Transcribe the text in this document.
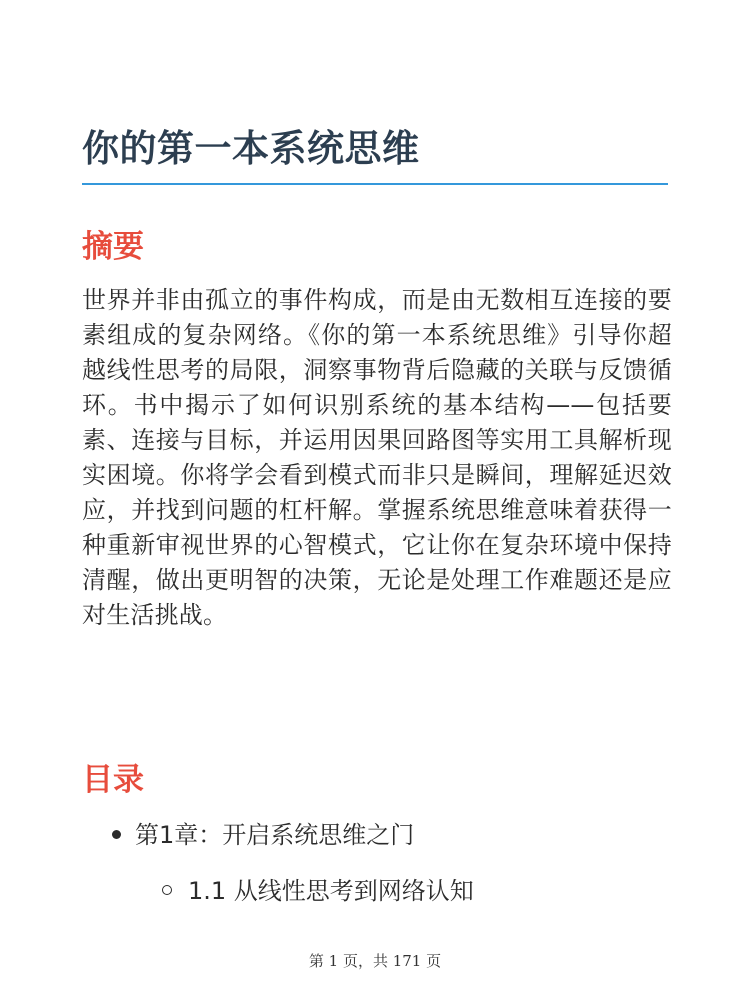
你的第一本系统思维
摘要

世界并非由孤立的事件构成，而是由无数相互连接的要素组成的复杂网络。《你的第一本系统思维》引导你超越线性思考的局限，洞察事物背后隐藏的关联与反馈循环。书中揭示了如何识别系统的基本结构——包括要素、连接与目标，并运用因果回路图等实用工具解析现实困境。你将学会看到模式而非只是瞬间，理解延迟效应，并找到问题的杠杆解。掌握系统思维意味着获得一种重新审视世界的心智模式，它让你在复杂环境中保持清醒，做出更明智的决策，无论是处理工作难题还是应对生活挑战。

目录
第1章：开启系统思维之门
1.1 从线性思考到网络认知
第 1 页，共 171 页
